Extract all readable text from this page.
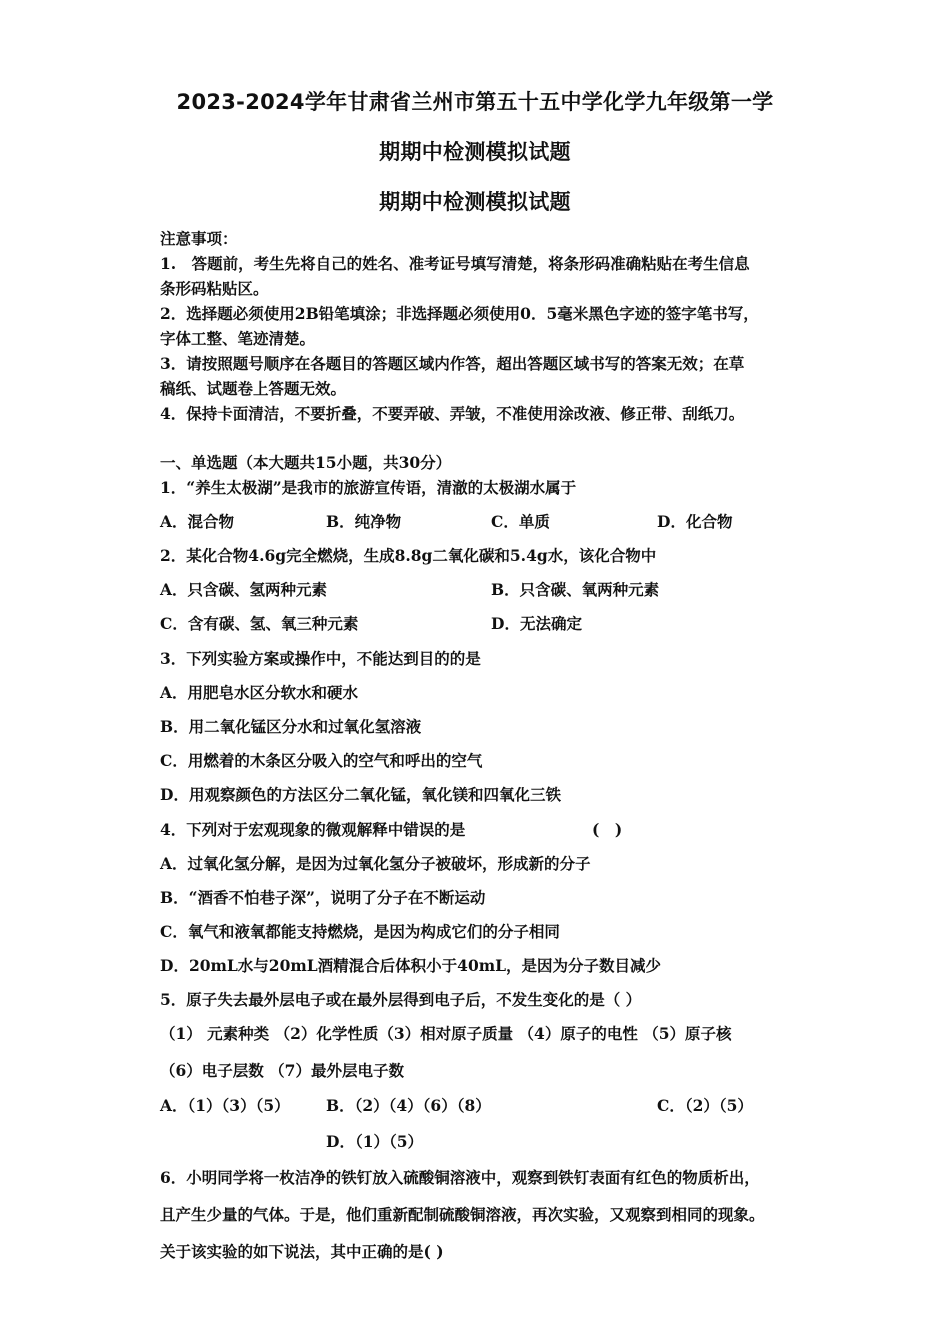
2023-2024学年甘肃省兰州市第五十五中学化学九年级第一学
期期中检测模拟试题
期期中检测模拟试题
注意事项：
1.　答题前，考生先将自己的姓名、准考证号填写清楚，将条形码准确粘贴在考生信息
条形码粘贴区。
2．选择题必须使用2B铅笔填涂；非选择题必须使用0．5毫米黑色字迹的签字笔书写，
字体工整、笔迹清楚。
3．请按照题号顺序在各题目的答题区域内作答，超出答题区域书写的答案无效；在草
稿纸、试题卷上答题无效。
4．保持卡面清洁，不要折叠，不要弄破、弄皱，不准使用涂改液、修正带、刮纸刀。
一、单选题（本大题共15小题，共30分）
1．“养生太极湖”是我市的旅游宣传语，清澈的太极湖水属于
A．混合物	B．纯净物	C．单质	D．化合物
2．某化合物4.6g完全燃烧，生成8.8g二氧化碳和5.4g水，该化合物中
A．只含碳、氢两种元素	B．只含碳、氧两种元素
C．含有碳、氢、氧三种元素	D．无法确定
3．下列实验方案或操作中，不能达到目的的是
A．用肥皂水区分软水和硬水
B．用二氧化锰区分水和过氧化氢溶液
C．用燃着的木条区分吸入的空气和呼出的空气
D．用观察颜色的方法区分二氧化锰，氧化镁和四氧化三铁
4．下列对于宏观现象的微观解释中错误的是	(　)
A．过氧化氢分解，是因为过氧化氢分子被破坏，形成新的分子
B．“酒香不怕巷子深”，说明了分子在不断运动
C．氧气和液氧都能支持燃烧，是因为构成它们的分子相同
D．20mL水与20mL酒精混合后体积小于40mL，是因为分子数目减少
5．原子失去最外层电子或在最外层得到电子后，不发生变化的是（ ）
（1） 元素种类 （2）化学性质（3）相对原子质量 （4）原子的电性 （5）原子核
（6）电子层数 （7）最外层电子数
A．（1）（3）（5） B．（2）（4）（6）（8）	C．（2）（5）
D．（1）（5）
6．小明同学将一枚洁净的铁钉放入硫酸铜溶液中，观察到铁钉表面有红色的物质析出，
且产生少量的气体。于是，他们重新配制硫酸铜溶液，再次实验，又观察到相同的现象。
关于该实验的如下说法，其中正确的是( )
